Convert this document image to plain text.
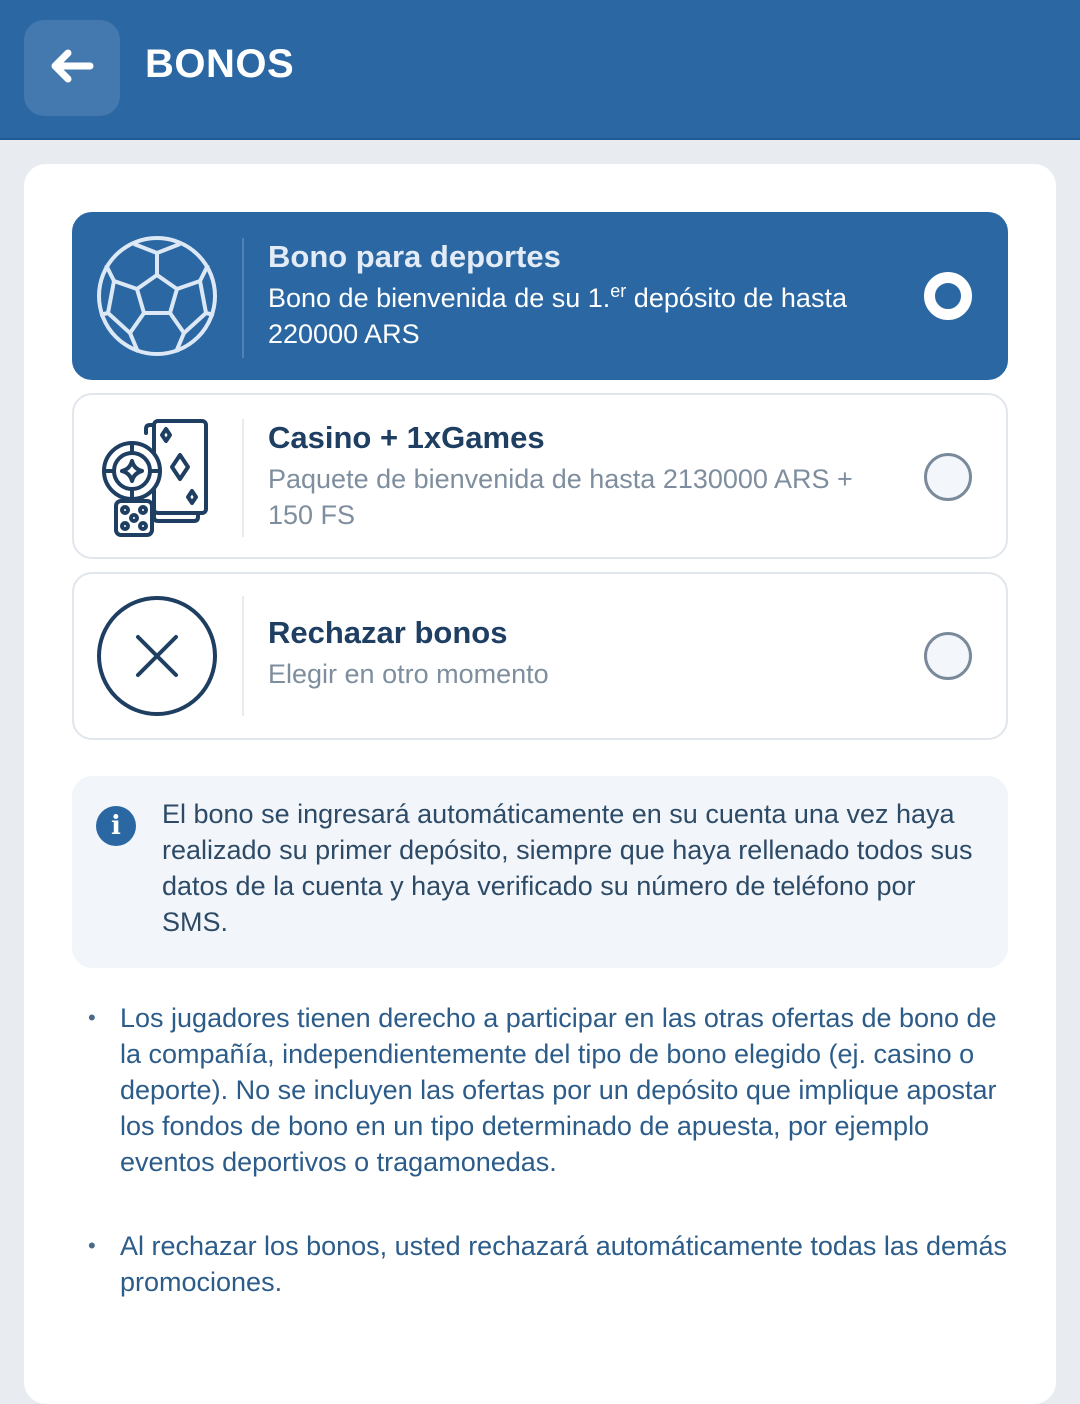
BONOS
Bono para deportes
Bono de bienvenida de su 1.$^{er}$ depósito de hasta 220000 ARS
Casino + 1xGames
Paquete de bienvenida de hasta 2130000 ARS + 150 FS
Rechazar bonos
Elegir en otro momento
i	El bono se ingresará automáticamente en su cuenta una vez haya realizado su primer depósito, siempre que haya rellenado todos sus datos de la cuenta y haya verificado su número de teléfono por SMS.
• Los jugadores tienen derecho a participar en las otras ofertas de bono de la compañía, independientemente del tipo de bono elegido (ej. casino o deporte). No se incluyen las ofertas por un depósito que implique apostar los fondos de bono en un tipo determinado de apuesta, por ejemplo eventos deportivos o tragamonedas.
• Al rechazar los bonos, usted rechazará automáticamente todas las demás promociones.
